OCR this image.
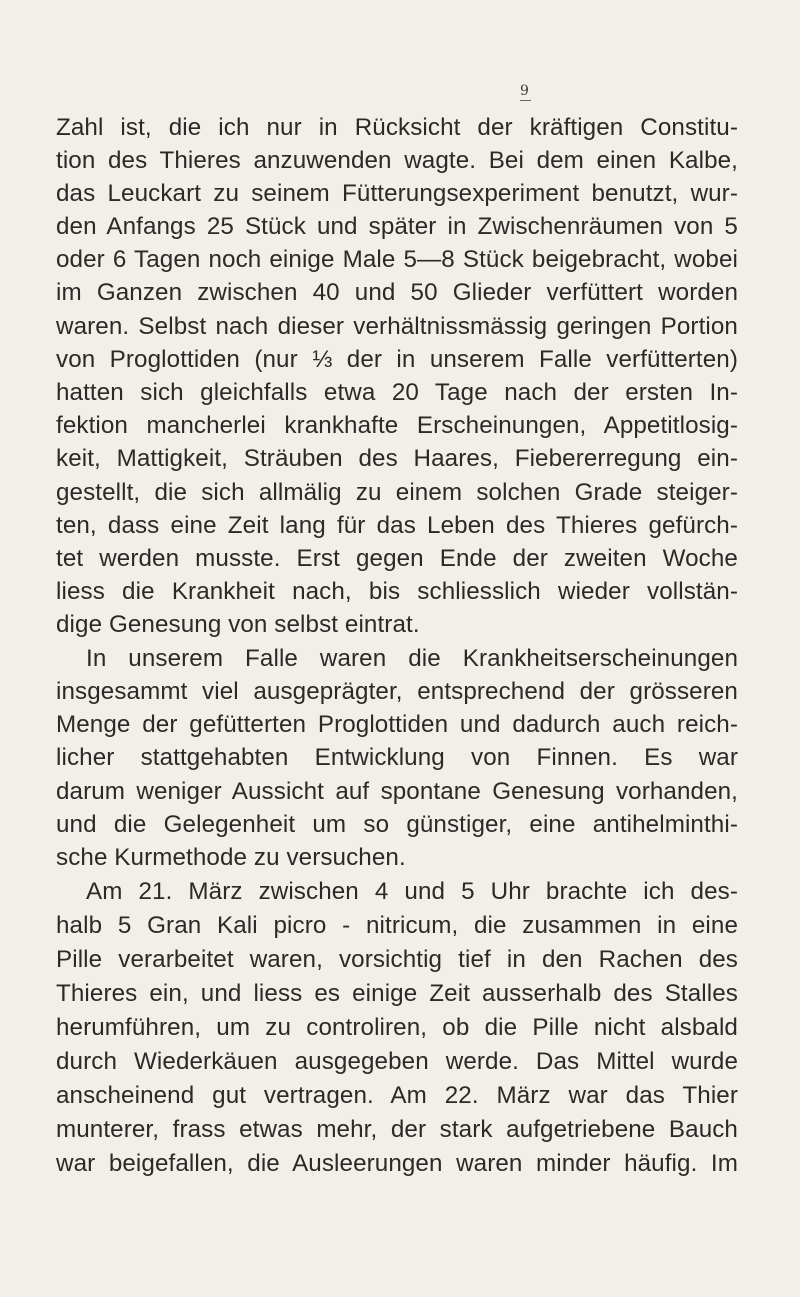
9
Zahl ist, die ich nur in Rücksicht der kräftigen Constitu-
tion des Thieres anzuwenden wagte. Bei dem einen Kalbe,
das Leuckart zu seinem Fütterungsexperiment benutzt, wur-
den Anfangs 25 Stück und später in Zwischenräumen von 5
oder 6 Tagen noch einige Male 5—8 Stück beigebracht, wobei
im Ganzen zwischen 40 und 50 Glieder verfüttert worden
waren. Selbst nach dieser verhältnissmässig geringen Portion
von Proglottiden (nur ⅓ der in unserem Falle verfütterten)
hatten sich gleichfalls etwa 20 Tage nach der ersten In-
fektion mancherlei krankhafte Erscheinungen, Appetitlosig-
keit, Mattigkeit, Sträuben des Haares, Fiebererregung ein-
gestellt, die sich allmälig zu einem solchen Grade steiger-
ten, dass eine Zeit lang für das Leben des Thieres gefürch-
tet werden musste. Erst gegen Ende der zweiten Woche
liess die Krankheit nach, bis schliesslich wieder vollstän-
dige Genesung von selbst eintrat.
In unserem Falle waren die Krankheitserscheinungen
insgesammt viel ausgeprägter, entsprechend der grösseren
Menge der gefütterten Proglottiden und dadurch auch reich-
licher stattgehabten Entwicklung von Finnen. Es war
darum weniger Aussicht auf spontane Genesung vorhanden,
und die Gelegenheit um so günstiger, eine antihelminthi-
sche Kurmethode zu versuchen.
Am 21. März zwischen 4 und 5 Uhr brachte ich des-
halb 5 Gran Kali picro - nitricum, die zusammen in eine
Pille verarbeitet waren, vorsichtig tief in den Rachen des
Thieres ein, und liess es einige Zeit ausserhalb des Stalles
herumführen, um zu controliren, ob die Pille nicht alsbald
durch Wiederkäuen ausgegeben werde. Das Mittel wurde
anscheinend gut vertragen. Am 22. März war das Thier
munterer, frass etwas mehr, der stark aufgetriebene Bauch
war beigefallen, die Ausleerungen waren minder häufig. Im
